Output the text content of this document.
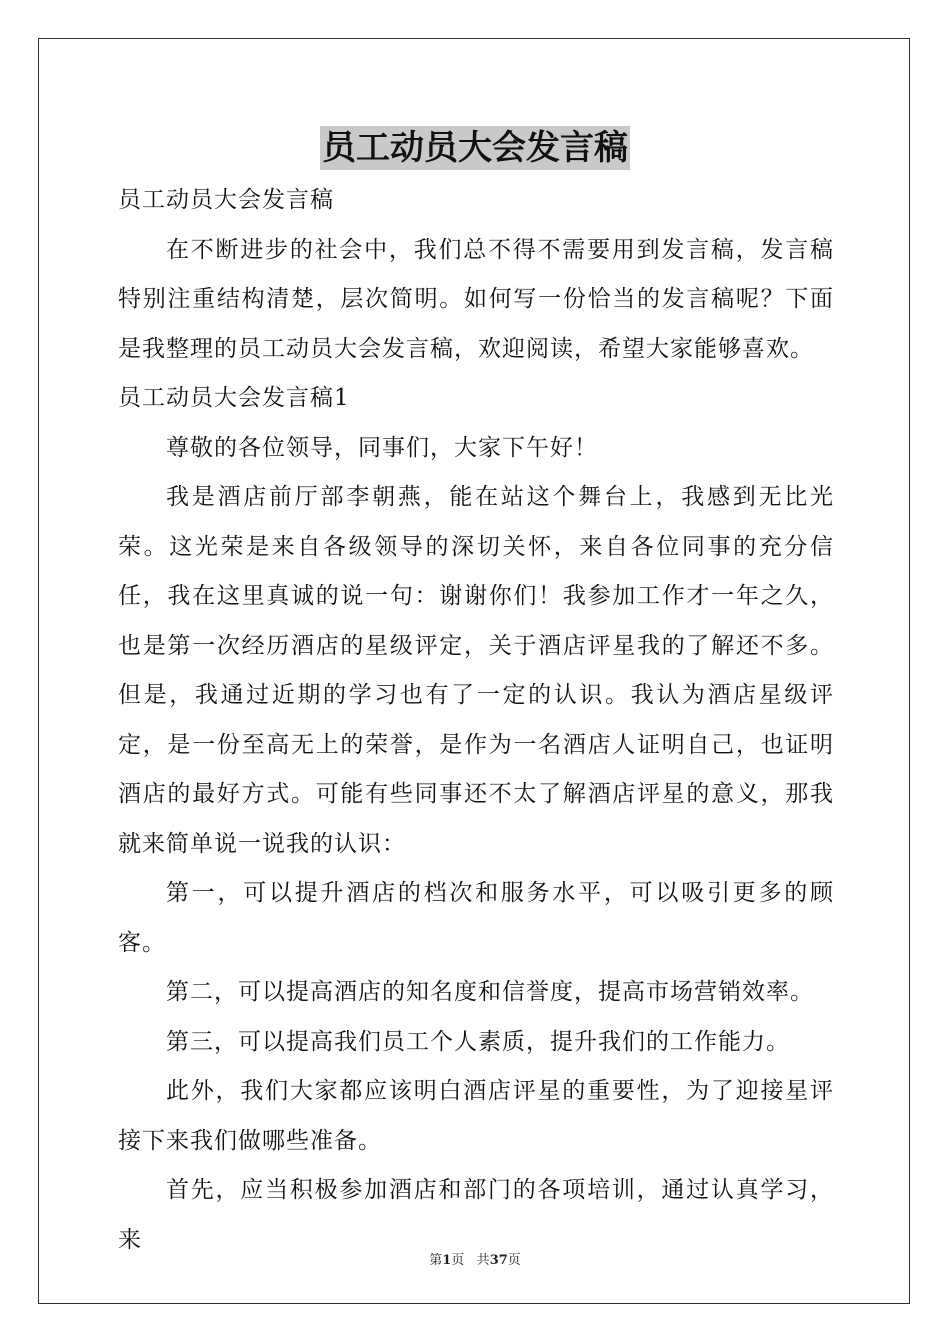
员工动员大会发言稿
员工动员大会发言稿

在不断进步的社会中，我们总不得不需要用到发言稿，发言稿特别注重结构清楚，层次简明。如何写一份恰当的发言稿呢？下面是我整理的员工动员大会发言稿，欢迎阅读，希望大家能够喜欢。

员工动员大会发言稿1

尊敬的各位领导，同事们，大家下午好！

我是酒店前厅部李朝燕，能在站这个舞台上，我感到无比光荣。这光荣是来自各级领导的深切关怀，来自各位同事的充分信任，我在这里真诚的说一句：谢谢你们！我参加工作才一年之久，也是第一次经历酒店的星级评定，关于酒店评星我的了解还不多。但是，我通过近期的学习也有了一定的认识。我认为酒店星级评定，是一份至高无上的荣誉，是作为一名酒店人证明自己，也证明酒店的最好方式。可能有些同事还不太了解酒店评星的意义，那我就来简单说一说我的认识：

第一，可以提升酒店的档次和服务水平，可以吸引更多的顾客。

第二，可以提高酒店的知名度和信誉度，提高市场营销效率。

第三，可以提高我们员工个人素质，提升我们的工作能力。

此外，我们大家都应该明白酒店评星的重要性，为了迎接星评接下来我们做哪些准备。

首先，应当积极参加酒店和部门的各项培训，通过认真学习，来

第1页 共37页
